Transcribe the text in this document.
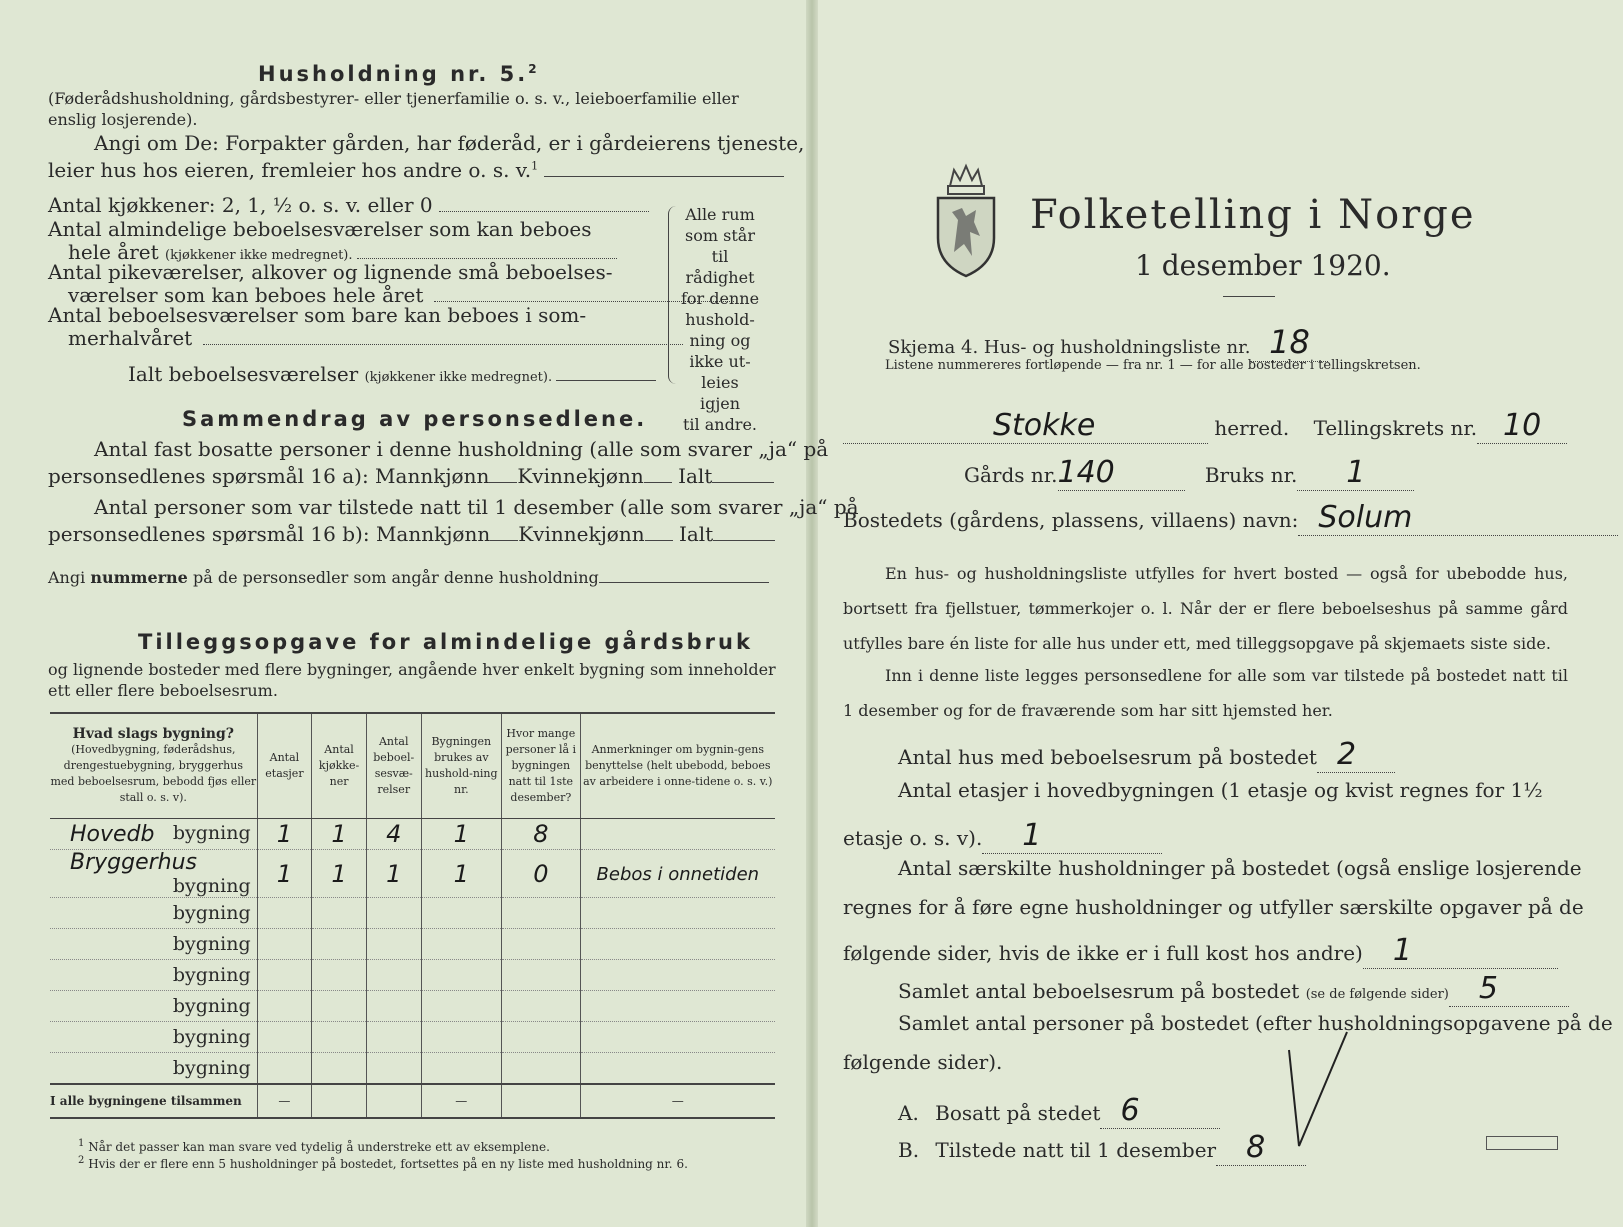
Husholdning nr. 5.$^2$
(Føderådshusholdning, gårdsbestyrer- eller tjenerfamilie o. s. v., leieboerfamilie eller enslig losjerende).
Angi om De: Forpakter gården, har føderåd, er i gårdeierens tjeneste,
leier hus hos eieren, fremleier hos andre o. s. v.$^1$
Antal kjøkkener: 2, 1, ½ o. s. v. eller 0
Antal almindelige beboelsesværelser som kan beboes
hele året (kjøkkener ikke medregnet).
Antal pikeværelser, alkover og lignende små beboelses-
værelser som kan beboes hele året
Antal beboelsesværelser som bare kan beboes i som-
merhalvåret
Ialt beboelsesværelser (kjøkkener ikke medregnet).
Alle rum
som står til
rådighet
for denne
hushold-
ning og
ikke ut-
leies igjen
til andre.
Sammendrag av personsedlene.
Antal fast bosatte personer i denne husholdning (alle som svarer „ja“ på
personsedlenes spørsmål 16 a): Mannkjønn Kvinnekjønn Ialt
Antal personer som var tilstede natt til 1 desember (alle som svarer „ja“ på
personsedlenes spørsmål 16 b): Mannkjønn Kvinnekjønn Ialt
Angi nummerne på de personsedler som angår denne husholdning
Tilleggsopgave for almindelige gårdsbruk
og lignende bosteder med flere bygninger, angående hver enkelt bygning som inneholder ett eller flere beboelsesrum.
Hvad slags bygning?
(Hovedbygning, føderådshus, drengestuebygning, bryggerhus med beboelsesrum, bebodd fjøs eller stall o. s. v).	Antal etasjer	Antal kjøkke-ner	Antal beboel-sesvæ-relser	Bygningen brukes av hushold-ning nr.	Hvor mange personer lå i bygningen natt til 1ste desember?	Anmerkninger om bygnin-gens benyttelse (helt ubebodd, beboes av arbeidere i onne-tidene o. s. v.)

Hovedb bygning	1	1	4	1	8	

Bryggerhus
bygning	1	1	1	1	0	Bebos i onnetiden

bygning						

bygning						

bygning						

bygning						

bygning						

bygning						
I alle bygningene tilsammen	—			—		—
$^1$ Når det passer kan man svare ved tydelig å understreke ett av eksemplene.
$^2$ Hvis der er flere enn 5 husholdninger på bostedet, fortsettes på en ny liste med husholdning nr. 6.
Folketelling i Norge
1 desember 1920.
Skjema 4. Hus- og husholdningsliste nr. 18
Listene nummereres fortløpende — fra nr. 1 — for alle bosteder i tellingskretsen.
Stokke	herred. Tellingskrets nr. 10
Gårds nr.140	Bruks nr. 1
Bostedets (gårdens, plassens, villaens) navn: Solum
En hus- og husholdningsliste utfylles for hvert bosted — også for ubebodde hus, bortsett fra fjellstuer, tømmerkojer o. l. Når der er flere beboelseshus på samme gård utfylles bare én liste for alle hus under ett, med tilleggsopgave på skjemaets siste side.
Inn i denne liste legges personsedlene for alle som var tilstede på bostedet natt til 1 desember og for de fraværende som har sitt hjemsted her.
Antal hus med beboelsesrum på bostedet 2
Antal etasjer i hovedbygningen (1 etasje og kvist regnes for 1½
etasje o. s. v). 1
Antal særskilte husholdninger på bostedet (også enslige losjerende
regnes for å føre egne husholdninger og utfyller særskilte opgaver på de
følgende sider, hvis de ikke er i full kost hos andre) 1
Samlet antal beboelsesrum på bostedet (se de følgende sider) 5
Samlet antal personer på bostedet (efter husholdningsopgavene på de
følgende sider).
A. Bosatt på stedet 6
B. Tilstede natt til 1 desember 8
